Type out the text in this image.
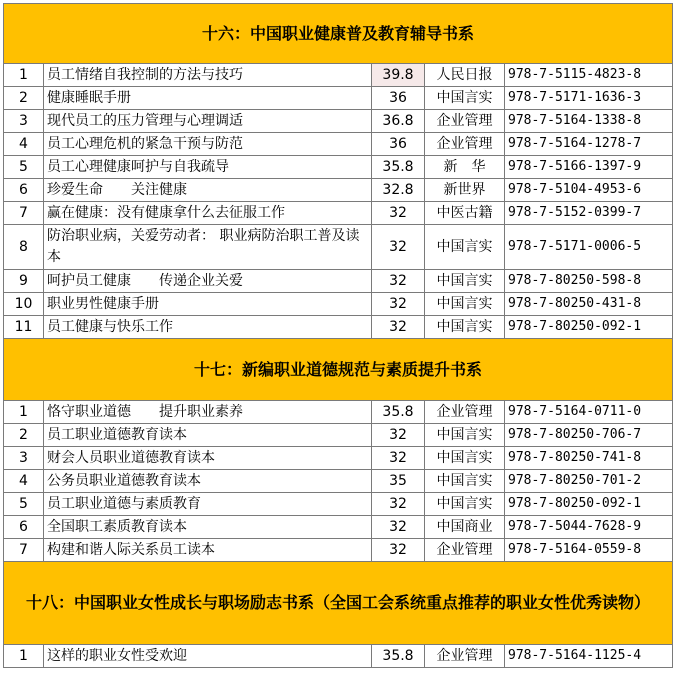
十六：中国职业健康普及教育辅导书系				
1	员工情绪自我控制的方法与技巧	39.8	人民日报	978-7-5115-4823-8
2	健康睡眠手册	36	中国言实	978-7-5171-1636-3
3	现代员工的压力管理与心理调适	36.8	企业管理	978-7-5164-1338-8
4	员工心理危机的紧急干预与防范	36	企业管理	978-7-5164-1278-7
5	员工心理健康呵护与自我疏导	35.8	新　华	978-7-5166-1397-9
6	珍爱生命　　关注健康	32.8	新世界	978-7-5104-4953-6
7	赢在健康：没有健康拿什么去征服工作	32	中医古籍	978-7-5152-0399-7
8	防治职业病，关爱劳动者： 职业病防治职工普及读本	32	中国言实	978-7-5171-0006-5
9	呵护员工健康　　传递企业关爱	32	中国言实	978-7-80250-598-8
10	职业男性健康手册	32	中国言实	978-7-80250-431-8
11	员工健康与快乐工作	32	中国言实	978-7-80250-092-1
十七：新编职业道德规范与素质提升书系				
1	恪守职业道德　　提升职业素养	35.8	企业管理	978-7-5164-0711-0
2	员工职业道德教育读本	32	中国言实	978-7-80250-706-7
3	财会人员职业道德教育读本	32	中国言实	978-7-80250-741-8
4	公务员职业道德教育读本	35	中国言实	978-7-80250-701-2
5	员工职业道德与素质教育	32	中国言实	978-7-80250-092-1
6	全国职工素质教育读本	32	中国商业	978-7-5044-7628-9
7	构建和谐人际关系员工读本	32	企业管理	978-7-5164-0559-8
十八：中国职业女性成长与职场励志书系（全国工会系统重点推荐的职业女性优秀读物）				
1	这样的职业女性受欢迎	35.8	企业管理	978-7-5164-1125-4
